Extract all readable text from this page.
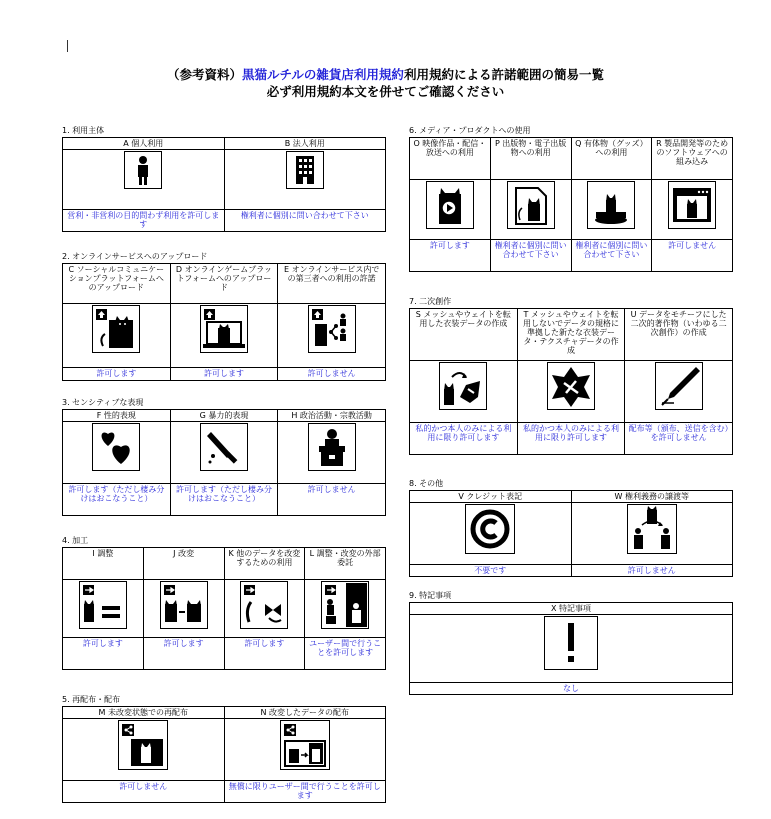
（参考資料）黒猫ルチルの雑貨店利用規約利用規約による許諾範囲の簡易一覧
必ず利用規約本文を併せてご確認ください
1. 利用主体
A 個人利用	B 法人利用

営利・非営利の目的問わず利用を許可します	権利者に個別に問い合わせて下さい
2. オンラインサービスへのアップロード
C ソーシャルコミュニケーションプラットフォームへのアップロード	D オンラインゲームプラットフォームへのアップロード	E オンラインサービス内での第三者への利用の許諾

許可します	許可します	許可しません
3. センシティブな表現
F 性的表現	G 暴力的表現	H 政治活動・宗教活動

許可します（ただし棲み分けはおこなうこと）	許可します（ただし棲み分けはおこなうこと）	許可しません
4. 加工
I 調整	J 改変	K 他のデータを改変するための利用	L 調整・改変の外部委託

許可します	許可します	許可します	ユーザー間で行うことを許可します
5. 再配布・配布
M 未改変状態での再配布	N 改変したデータの配布

許可しません	無償に限りユーザー間で行うことを許可します
6. メディア・プロダクトへの使用
O 映像作品・配信・放送への利用	P 出版物・電子出版物への利用	Q 有体物（グッズ）への利用	R 製品開発等のためのソフトウェアへの組み込み

許可します	権利者に個別に問い合わせて下さい	権利者に個別に問い合わせて下さい	許可しません
7. 二次創作
S メッシュやウェイトを転用した衣装データの作成	T メッシュやウェイトを転用しないでデータの規格に準拠した新たな衣装データ・テクスチャデータの作成	U データをモチーフにした二次的著作物（いわゆる二次創作）の作成

私的かつ本人のみによる利用に限り許可します	私的かつ本人のみによる利用に限り許可します	配布等（頒布、送信を含む）を許可しません
8. その他
V クレジット表記	W 権利義務の譲渡等

不要です	許可しません
9. 特記事項
X 特記事項

なし
